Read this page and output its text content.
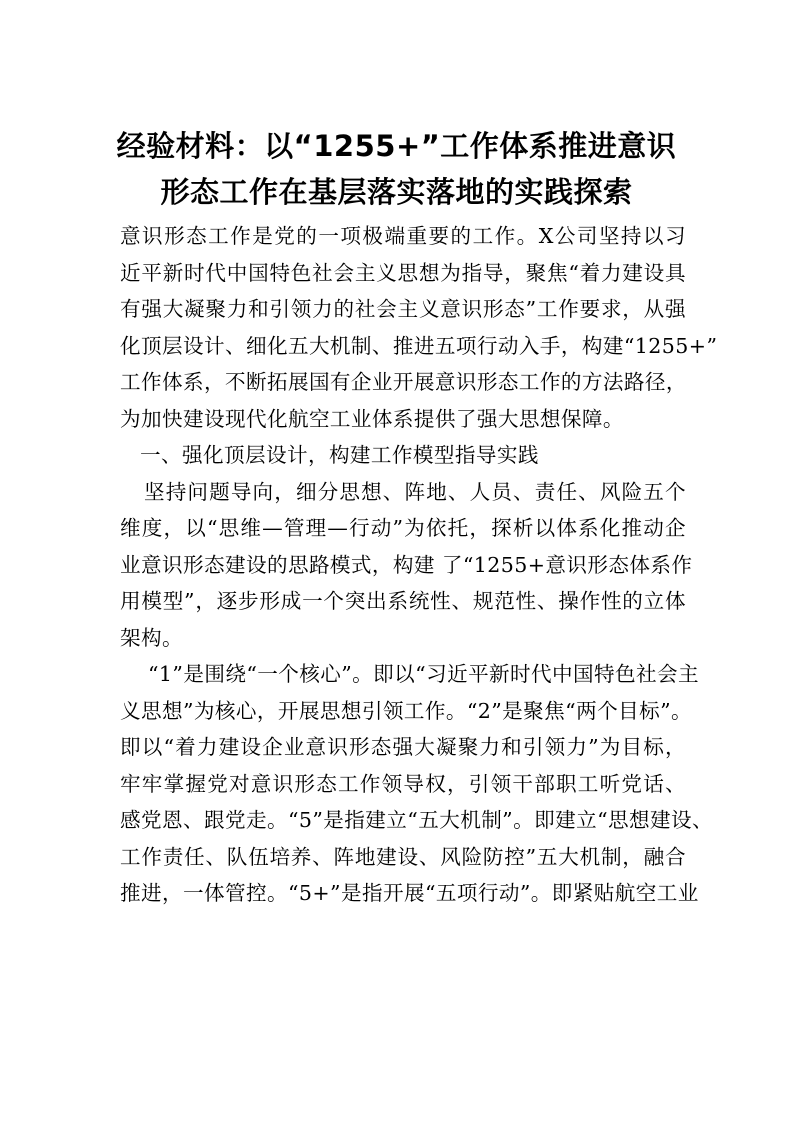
经验材料：以“1255+”工作体系推进意识
形态工作在基层落实落地的实践探索
意识形态工作是党的一项极端重要的工作。X公司坚持以习
近平新时代中国特色社会主义思想为指导，聚焦“着力建设具
有强大凝聚力和引领力的社会主义意识形态”工作要求，从强
化顶层设计、细化五大机制、推进五项行动入手，构建“1255+”
工作体系，不断拓展国有企业开展意识形态工作的方法路径，
为加快建设现代化航空工业体系提供了强大思想保障。
一、强化顶层设计，构建工作模型指导实践
坚持问题导向，细分思想、阵地、人员、责任、风险五个
维度，以“思维—管理—行动”为依托，探析以体系化推动企
业意识形态建设的思路模式，构建 了“1255+意识形态体系作
用模型”，逐步形成一个突出系统性、规范性、操作性的立体
架构。
“1”是围绕“一个核心”。即以“习近平新时代中国特色社会主
义思想”为核心，开展思想引领工作。“2”是聚焦“两个目标”。
即以“着力建设企业意识形态强大凝聚力和引领力”为目标，
牢牢掌握党对意识形态工作领导权，引领干部职工听党话、
感党恩、跟党走。“5”是指建立“五大机制”。即建立“思想建设、
工作责任、队伍培养、阵地建设、风险防控”五大机制，融合
推进，一体管控。“5+”是指开展“五项行动”。即紧贴航空工业
